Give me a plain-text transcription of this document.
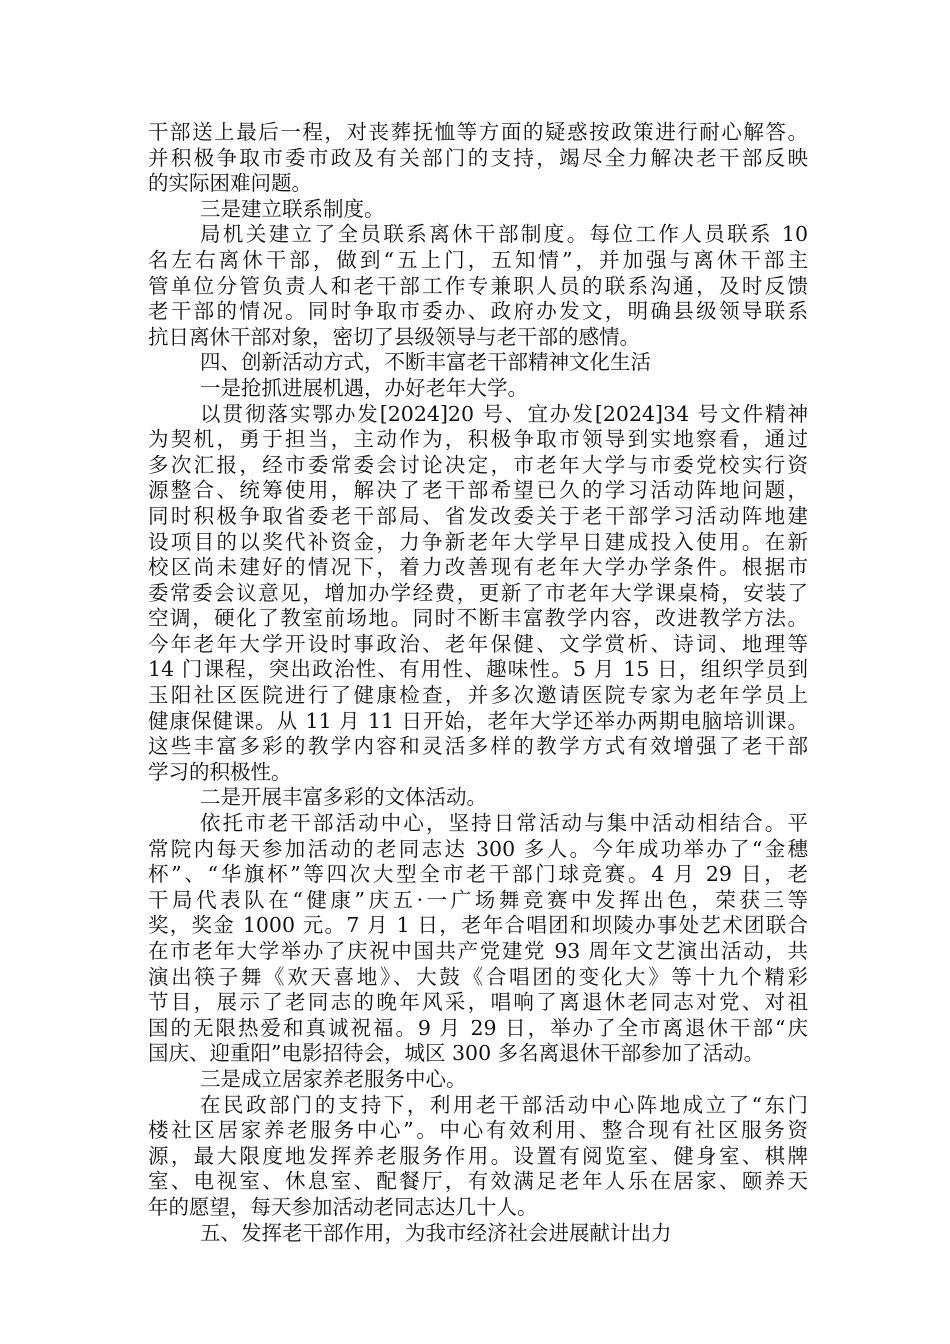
干部送上最后一程，对丧葬抚恤等方面的疑惑按政策进行耐心解答。
并积极争取市委市政及有关部门的支持，竭尽全力解决老干部反映
的实际困难问题。
三是建立联系制度。
局机关建立了全员联系离休干部制度。每位工作人员联系 10
名左右离休干部，做到“五上门，五知情”，并加强与离休干部主
管单位分管负责人和老干部工作专兼职人员的联系沟通，及时反馈
老干部的情况。同时争取市委办、政府办发文，明确县级领导联系
抗日离休干部对象，密切了县级领导与老干部的感情。
四、创新活动方式，不断丰富老干部精神文化生活
一是抢抓进展机遇，办好老年大学。
以贯彻落实鄂办发[2024]20 号、宜办发[2024]34 号文件精神
为契机，勇于担当，主动作为，积极争取市领导到实地察看，通过
多次汇报，经市委常委会讨论决定，市老年大学与市委党校实行资
源整合、统筹使用，解决了老干部希望已久的学习活动阵地问题，
同时积极争取省委老干部局、省发改委关于老干部学习活动阵地建
设项目的以奖代补资金，力争新老年大学早日建成投入使用。在新
校区尚未建好的情况下，着力改善现有老年大学办学条件。根据市
委常委会议意见，增加办学经费，更新了市老年大学课桌椅，安装了
空调，硬化了教室前场地。同时不断丰富教学内容，改进教学方法。
今年老年大学开设时事政治、老年保健、文学赏析、诗词、地理等
14 门课程，突出政治性、有用性、趣味性。5 月 15 日，组织学员到
玉阳社区医院进行了健康检查，并多次邀请医院专家为老年学员上
健康保健课。从 11 月 11 日开始，老年大学还举办两期电脑培训课。
这些丰富多彩的教学内容和灵活多样的教学方式有效增强了老干部
学习的积极性。
二是开展丰富多彩的文体活动。
依托市老干部活动中心，坚持日常活动与集中活动相结合。平
常院内每天参加活动的老同志达 300 多人。今年成功举办了“金穗
杯”、“华旗杯”等四次大型全市老干部门球竞赛。4 月 29 日，老
干局代表队在“健康”庆五·一广场舞竞赛中发挥出色，荣获三等
奖，奖金 1000 元。7 月 1 日，老年合唱团和坝陵办事处艺术团联合
在市老年大学举办了庆祝中国共产党建党 93 周年文艺演出活动，共
演出筷子舞《欢天喜地》、大鼓《合唱团的变化大》等十九个精彩
节目，展示了老同志的晚年风采，唱响了离退休老同志对党、对祖
国的无限热爱和真诚祝福。9 月 29 日，举办了全市离退休干部“庆
国庆、迎重阳”电影招待会，城区 300 多名离退休干部参加了活动。
三是成立居家养老服务中心。
在民政部门的支持下，利用老干部活动中心阵地成立了“东门
楼社区居家养老服务中心”。中心有效利用、整合现有社区服务资
源，最大限度地发挥养老服务作用。设置有阅览室、健身室、棋牌
室、电视室、休息室、配餐厅，有效满足老年人乐在居家、颐养天
年的愿望，每天参加活动老同志达几十人。
五、发挥老干部作用，为我市经济社会进展献计出力
